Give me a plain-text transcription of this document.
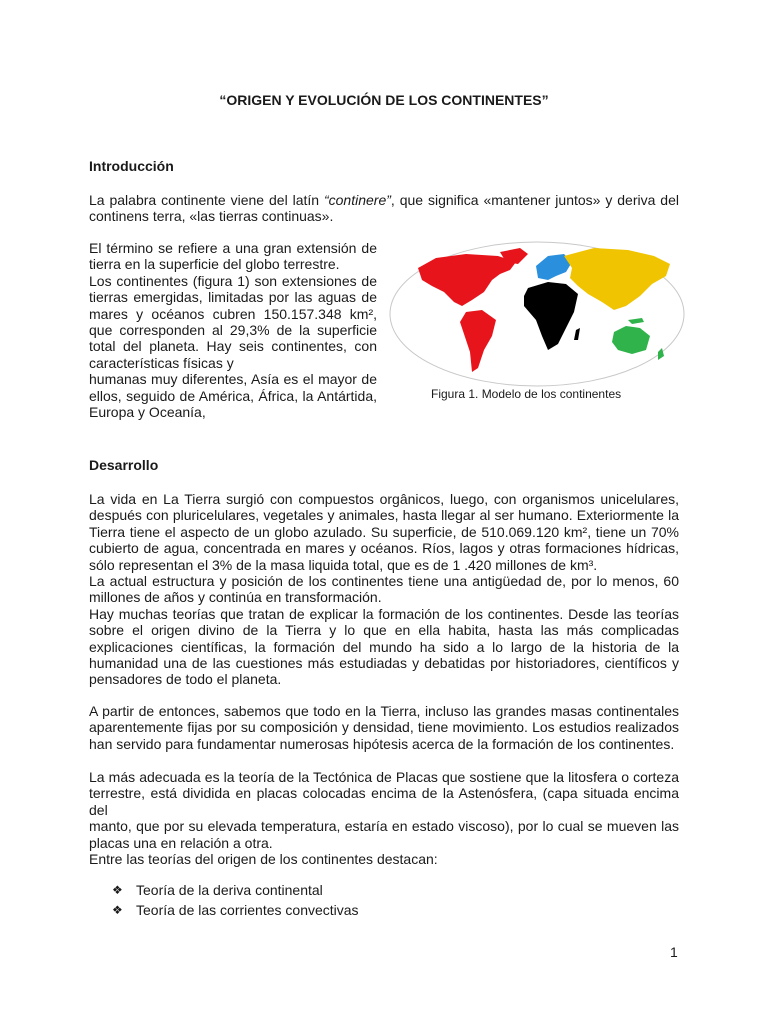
“ORIGEN Y EVOLUCIÓN DE LOS CONTINENTES”
Introducción

La palabra continente viene del latín “continere”, que significa «mantener juntos» y deriva del
continens terra, «las tierras continuas».

El término se refiere a una gran extensión de
tierra en la superficie del globo terrestre.
Los continentes (figura 1) son extensiones de
tierras emergidas, limitadas por las aguas de
mares y océanos cubren 150.157.348 km²,
que corresponden al 29,3% de la superficie
total del planeta. Hay seis continentes, con
características físicas y
humanas muy diferentes, Asía es el mayor de
ellos, seguido de América, África, la Antártida,
Europa y Oceanía,

Figura 1. Modelo de los continentes
Desarrollo

La vida en La Tierra surgió con compuestos orgânicos, luego, con organismos unicelulares,
después con pluricelulares, vegetales y animales, hasta llegar al ser humano. Exteriormente la
Tierra tiene el aspecto de un globo azulado. Su superficie, de 510.069.120 km², tiene un 70%
cubierto de agua, concentrada en mares y océanos. Ríos, lagos y otras formaciones hídricas,
sólo representan el 3% de la masa liquida total, que es de 1 .420 millones de km³.
La actual estructura y posición de los continentes tiene una antigüedad de, por lo menos, 60
millones de años y continúa en transformación.
Hay muchas teorías que tratan de explicar la formación de los continentes. Desde las teorías
sobre el origen divino de la Tierra y lo que en ella habita, hasta las más complicadas
explicaciones científicas, la formación del mundo ha sido a lo largo de la historia de la
humanidad una de las cuestiones más estudiadas y debatidas por historiadores, científicos y
pensadores de todo el planeta.

A partir de entonces, sabemos que todo en la Tierra, incluso las grandes masas continentales
aparentemente fijas por su composición y densidad, tiene movimiento. Los estudios realizados
han servido para fundamentar numerosas hipótesis acerca de la formación de los continentes.

La más adecuada es la teoría de la Tectónica de Placas que sostiene que la litosfera o corteza
terrestre, está dividida en placas colocadas encima de la Astenósfera, (capa situada encima del
manto, que por su elevada temperatura, estaría en estado viscoso), por lo cual se mueven las
placas una en relación a otra.

Entre las teorías del origen de los continentes destacan:

❖ Teoría de la deriva continental
❖ Teoría de las corrientes convectivas
1
